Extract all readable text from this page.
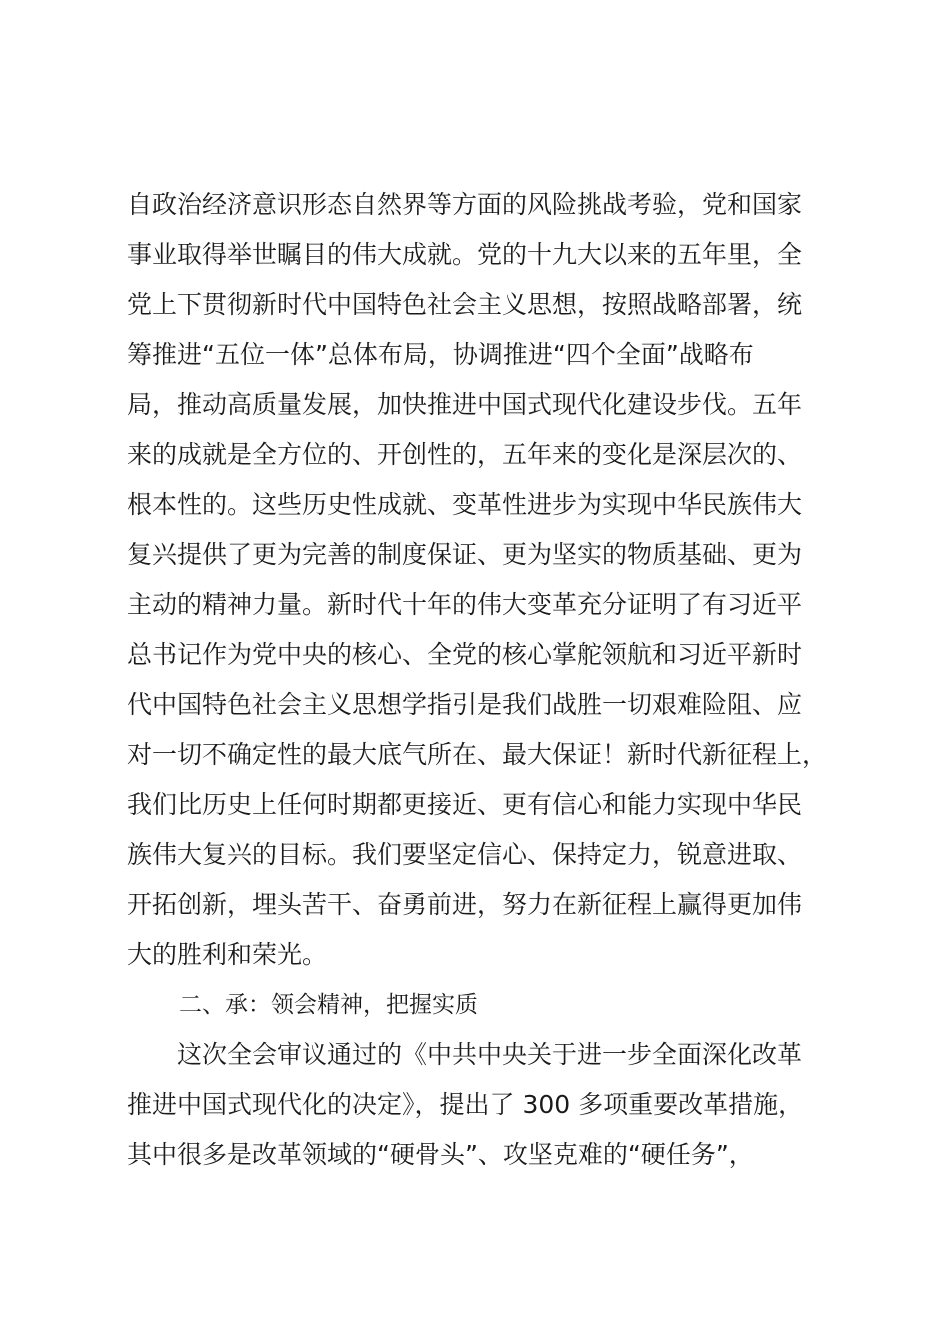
自政治经济意识形态自然界等方面的风险挑战考验，党和国家
事业取得举世瞩目的伟大成就。党的十九大以来的五年里，全
党上下贯彻新时代中国特色社会主义思想，按照战略部署，统
筹推进“五位一体”总体布局，协调推进“四个全面”战略布
局，推动高质量发展，加快推进中国式现代化建设步伐。五年
来的成就是全方位的、开创性的，五年来的变化是深层次的、
根本性的。这些历史性成就、变革性进步为实现中华民族伟大
复兴提供了更为完善的制度保证、更为坚实的物质基础、更为
主动的精神力量。新时代十年的伟大变革充分证明了有习近平
总书记作为党中央的核心、全党的核心掌舵领航和习近平新时
代中国特色社会主义思想学指引是我们战胜一切艰难险阻、应
对一切不确定性的最大底气所在、最大保证！新时代新征程上，
我们比历史上任何时期都更接近、更有信心和能力实现中华民
族伟大复兴的目标。我们要坚定信心、保持定力，锐意进取、
开拓创新，埋头苦干、奋勇前进，努力在新征程上赢得更加伟
大的胜利和荣光。
二、承：领会精神，把握实质
这次全会审议通过的《中共中央关于进一步全面深化改革
推进中国式现代化的决定》，提出了 300 多项重要改革措施，
其中很多是改革领域的“硬骨头”、攻坚克难的“硬任务”，
